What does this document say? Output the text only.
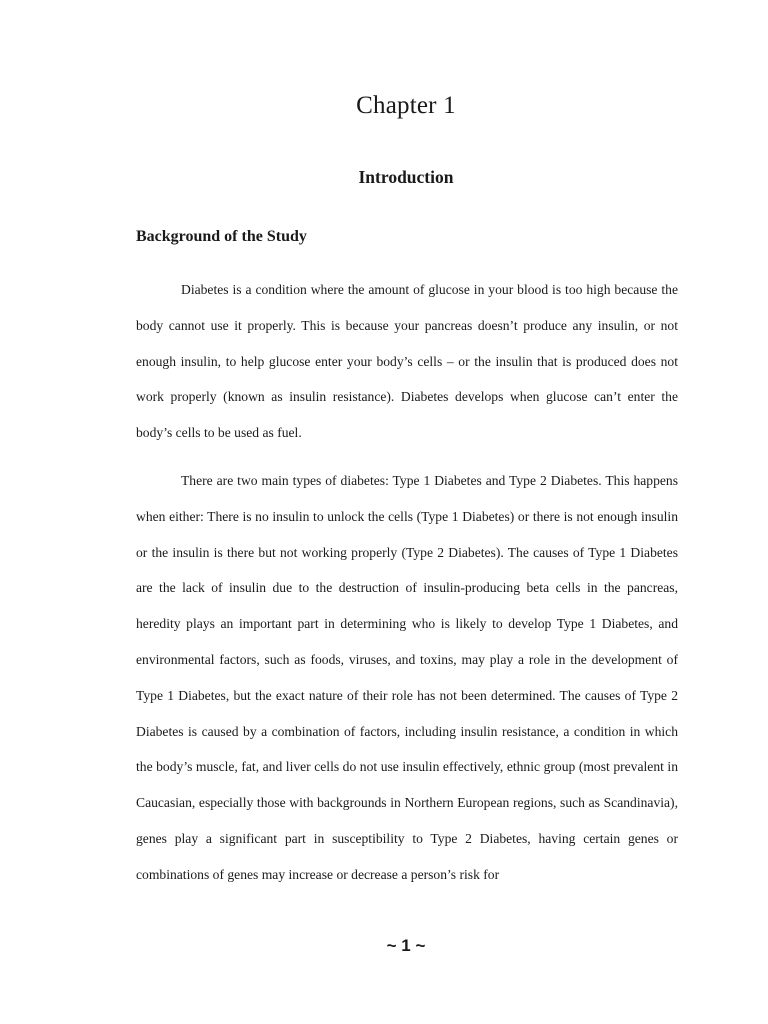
Chapter 1
Introduction
Background of the Study

Diabetes is a condition where the amount of glucose in your blood is too high because the body cannot use it properly. This is because your pancreas doesn’t produce any insulin, or not enough insulin, to help glucose enter your body’s cells – or the insulin that is produced does not work properly (known as insulin resistance). Diabetes develops when glucose can’t enter the body’s cells to be used as fuel.

There are two main types of diabetes: Type 1 Diabetes and Type 2 Diabetes. This happens when either: There is no insulin to unlock the cells (Type 1 Diabetes) or there is not enough insulin or the insulin is there but not working properly (Type 2 Diabetes). The causes of Type 1 Diabetes are the lack of insulin due to the destruction of insulin-producing beta cells in the pancreas, heredity plays an important part in determining who is likely to develop Type 1 Diabetes, and environmental factors, such as foods, viruses, and toxins, may play a role in the development of Type 1 Diabetes, but the exact nature of their role has not been determined. The causes of Type 2 Diabetes is caused by a combination of factors, including insulin resistance, a condition in which the body’s muscle, fat, and liver cells do not use insulin effectively, ethnic group (most prevalent in Caucasian, especially those with backgrounds in Northern European regions, such as Scandinavia), genes play a significant part in susceptibility to Type 2 Diabetes, having certain genes or combinations of genes may increase or decrease a person’s risk for

~ 1 ~
